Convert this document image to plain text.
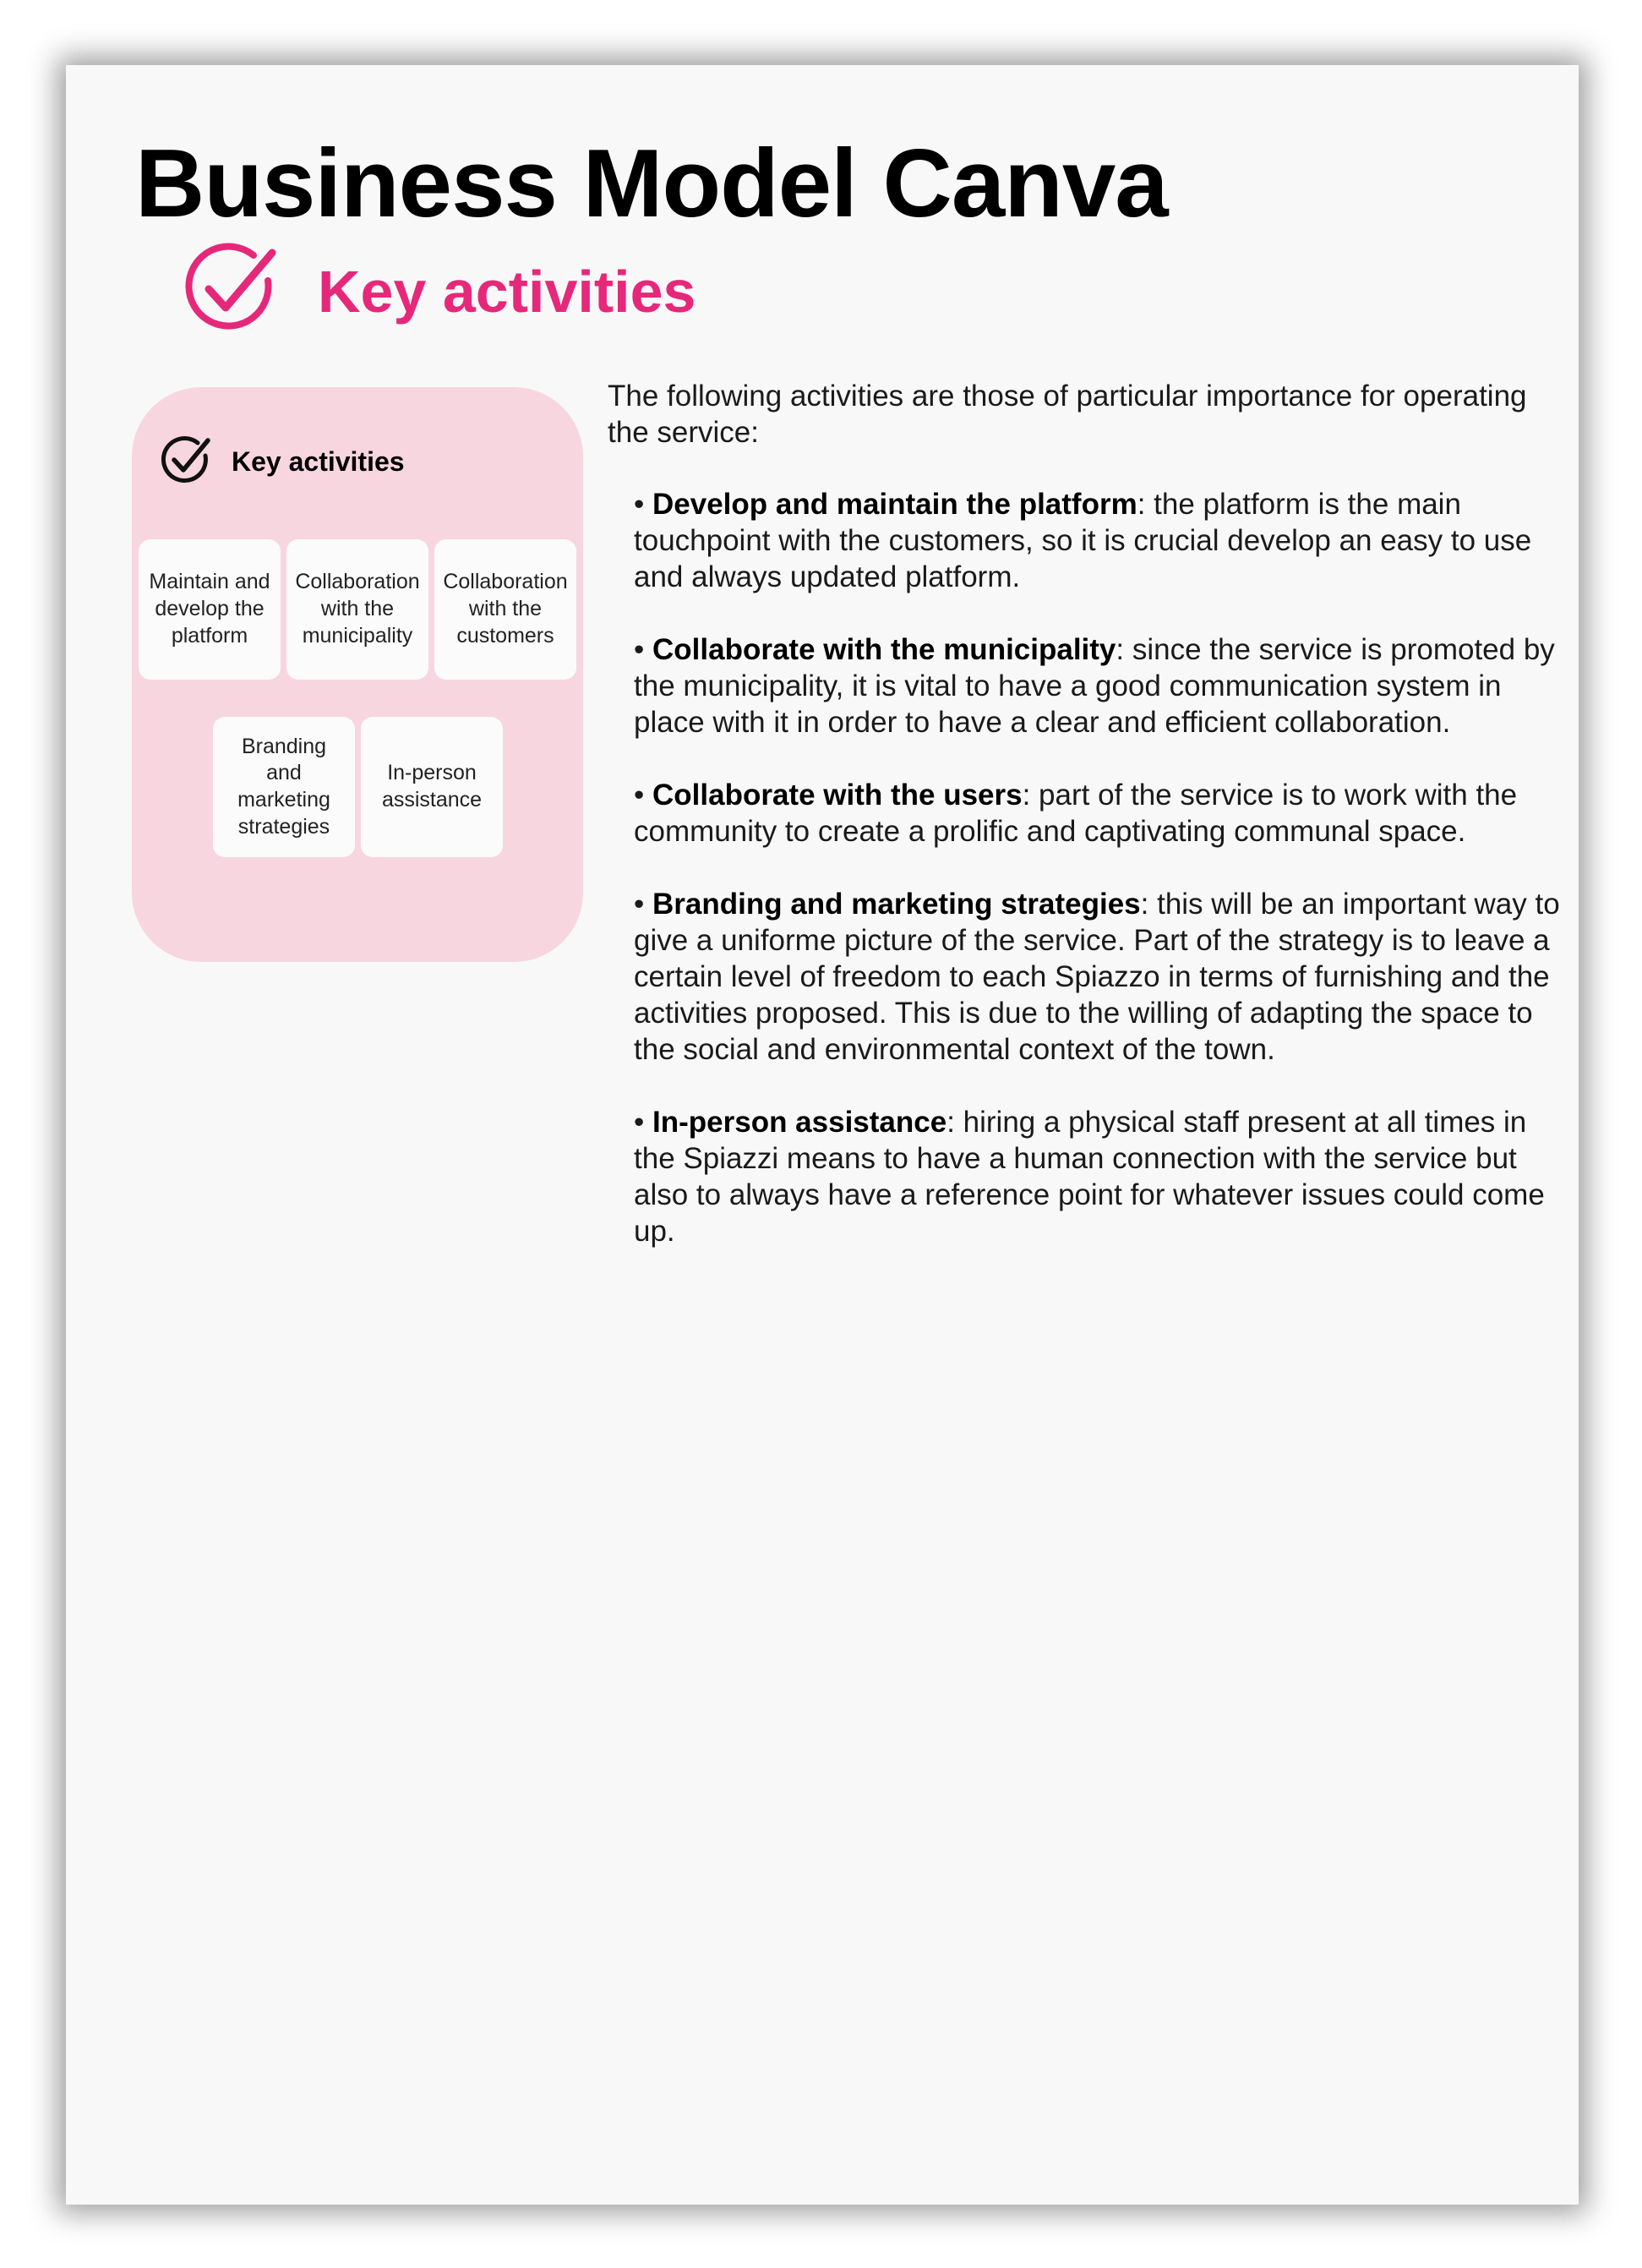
Business Model Canva
Key activities
Key activities
Maintain and
develop the
platform
Collaboration
with the
municipality
Collaboration
with the
customers
Branding
and
marketing
strategies
In-person
assistance

The following activities are those of particular importance for operating the service:

• Develop and maintain the platform: the platform is the main touchpoint with the customers, so it is crucial develop an easy to use and always updated platform.
• Collaborate with the municipality: since the service is promoted by the municipality, it is vital to have a good communication system in place with it in order to have a clear and efficient collaboration.
• Collaborate with the users: part of the service is to work with the community to create a prolific and captivating communal space.
• Branding and marketing strategies: this will be an important way to give a uniforme picture of the service. Part of the strategy is to leave a certain level of freedom to each Spiazzo in terms of furnishing and the activities proposed. This is due to the willing of adapting the space to the social and environmental context of the town.
• In-person assistance: hiring a physical staff present at all times in the Spiazzi means to have a human connection with the service but also to always have a reference point for whatever issues could come up.
